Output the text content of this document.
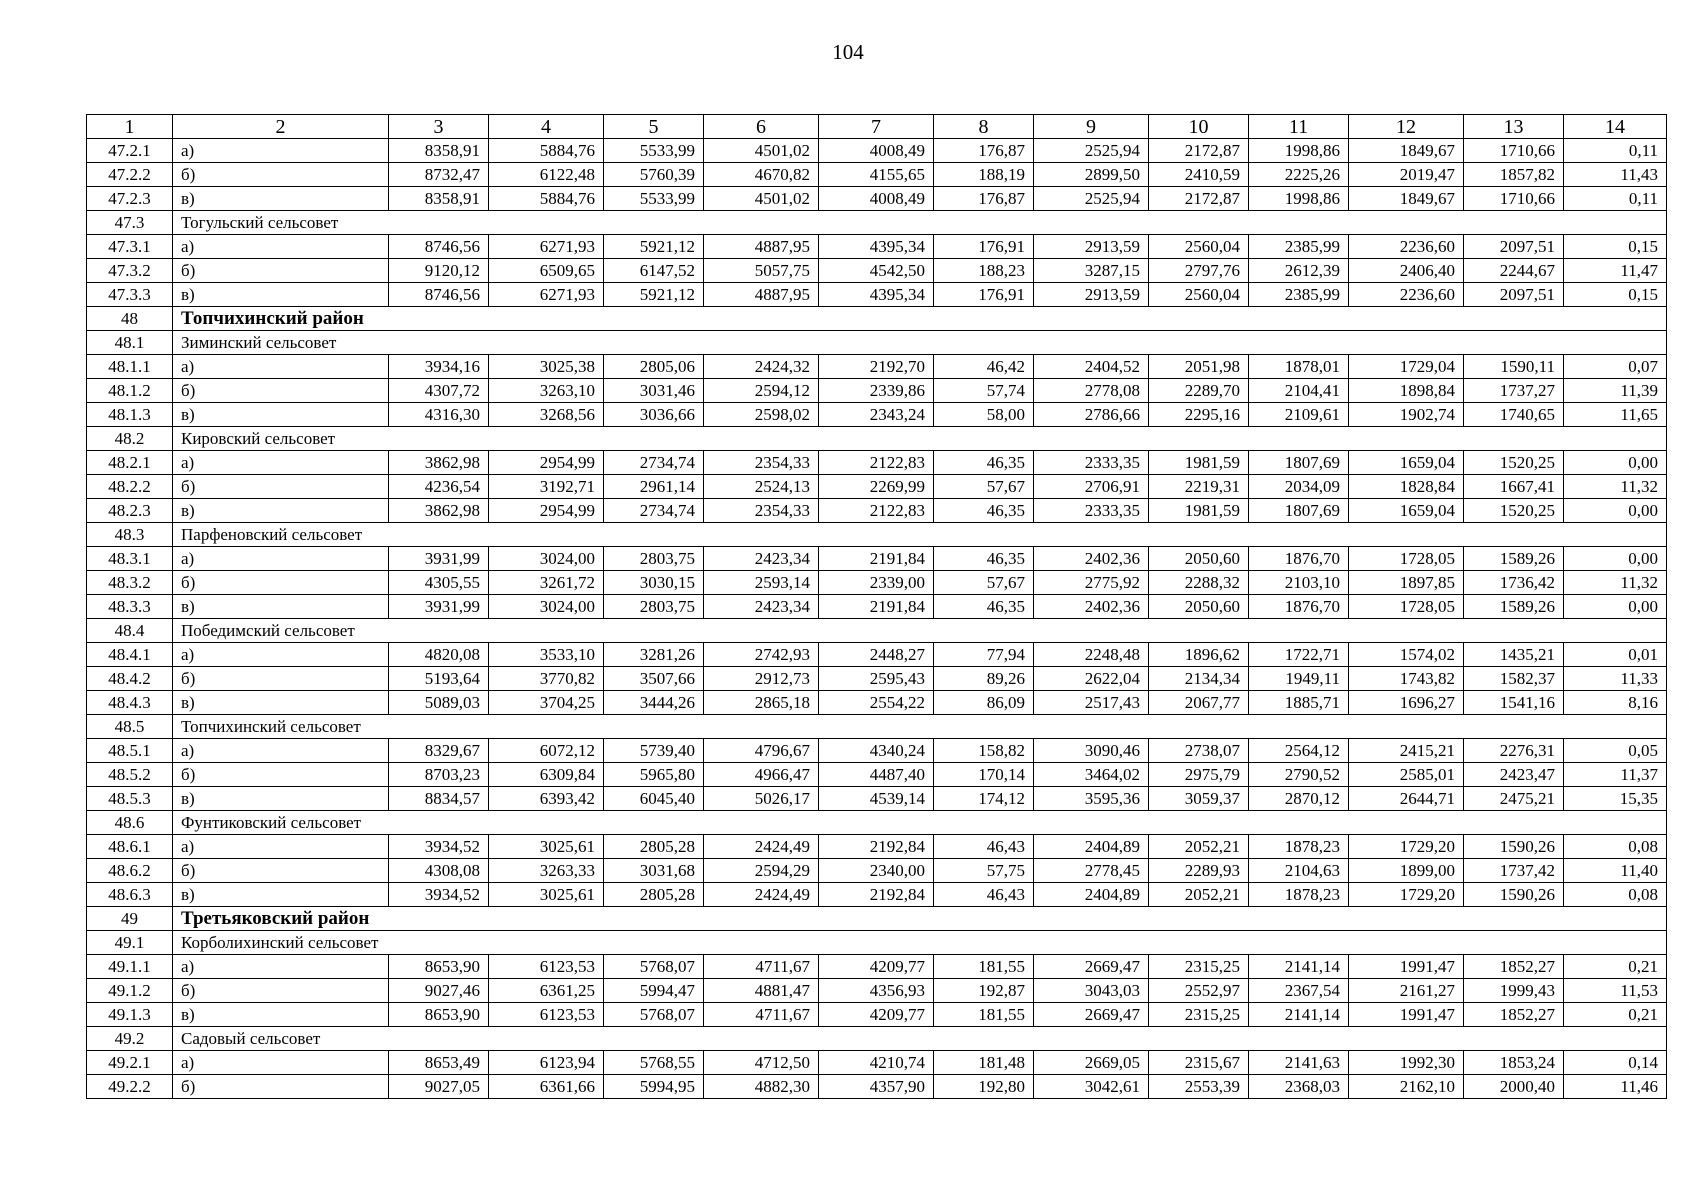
104
1	2	3	4	5	6	7	8	9	10	11	12	13	14
47.2.1	а)	8358,91	5884,76	5533,99	4501,02	4008,49	176,87	2525,94	2172,87	1998,86	1849,67	1710,66	0,11
47.2.2	б)	8732,47	6122,48	5760,39	4670,82	4155,65	188,19	2899,50	2410,59	2225,26	2019,47	1857,82	11,43
47.2.3	в)	8358,91	5884,76	5533,99	4501,02	4008,49	176,87	2525,94	2172,87	1998,86	1849,67	1710,66	0,11
47.3	Тогульский сельсовет												
47.3.1	а)	8746,56	6271,93	5921,12	4887,95	4395,34	176,91	2913,59	2560,04	2385,99	2236,60	2097,51	0,15
47.3.2	б)	9120,12	6509,65	6147,52	5057,75	4542,50	188,23	3287,15	2797,76	2612,39	2406,40	2244,67	11,47
47.3.3	в)	8746,56	6271,93	5921,12	4887,95	4395,34	176,91	2913,59	2560,04	2385,99	2236,60	2097,51	0,15
48	Топчихинский район												
48.1	Зиминский сельсовет												
48.1.1	а)	3934,16	3025,38	2805,06	2424,32	2192,70	46,42	2404,52	2051,98	1878,01	1729,04	1590,11	0,07
48.1.2	б)	4307,72	3263,10	3031,46	2594,12	2339,86	57,74	2778,08	2289,70	2104,41	1898,84	1737,27	11,39
48.1.3	в)	4316,30	3268,56	3036,66	2598,02	2343,24	58,00	2786,66	2295,16	2109,61	1902,74	1740,65	11,65
48.2	Кировский сельсовет												
48.2.1	а)	3862,98	2954,99	2734,74	2354,33	2122,83	46,35	2333,35	1981,59	1807,69	1659,04	1520,25	0,00
48.2.2	б)	4236,54	3192,71	2961,14	2524,13	2269,99	57,67	2706,91	2219,31	2034,09	1828,84	1667,41	11,32
48.2.3	в)	3862,98	2954,99	2734,74	2354,33	2122,83	46,35	2333,35	1981,59	1807,69	1659,04	1520,25	0,00
48.3	Парфеновский сельсовет												
48.3.1	а)	3931,99	3024,00	2803,75	2423,34	2191,84	46,35	2402,36	2050,60	1876,70	1728,05	1589,26	0,00
48.3.2	б)	4305,55	3261,72	3030,15	2593,14	2339,00	57,67	2775,92	2288,32	2103,10	1897,85	1736,42	11,32
48.3.3	в)	3931,99	3024,00	2803,75	2423,34	2191,84	46,35	2402,36	2050,60	1876,70	1728,05	1589,26	0,00
48.4	Победимский сельсовет												
48.4.1	а)	4820,08	3533,10	3281,26	2742,93	2448,27	77,94	2248,48	1896,62	1722,71	1574,02	1435,21	0,01
48.4.2	б)	5193,64	3770,82	3507,66	2912,73	2595,43	89,26	2622,04	2134,34	1949,11	1743,82	1582,37	11,33
48.4.3	в)	5089,03	3704,25	3444,26	2865,18	2554,22	86,09	2517,43	2067,77	1885,71	1696,27	1541,16	8,16
48.5	Топчихинский сельсовет												
48.5.1	а)	8329,67	6072,12	5739,40	4796,67	4340,24	158,82	3090,46	2738,07	2564,12	2415,21	2276,31	0,05
48.5.2	б)	8703,23	6309,84	5965,80	4966,47	4487,40	170,14	3464,02	2975,79	2790,52	2585,01	2423,47	11,37
48.5.3	в)	8834,57	6393,42	6045,40	5026,17	4539,14	174,12	3595,36	3059,37	2870,12	2644,71	2475,21	15,35
48.6	Фунтиковский сельсовет												
48.6.1	а)	3934,52	3025,61	2805,28	2424,49	2192,84	46,43	2404,89	2052,21	1878,23	1729,20	1590,26	0,08
48.6.2	б)	4308,08	3263,33	3031,68	2594,29	2340,00	57,75	2778,45	2289,93	2104,63	1899,00	1737,42	11,40
48.6.3	в)	3934,52	3025,61	2805,28	2424,49	2192,84	46,43	2404,89	2052,21	1878,23	1729,20	1590,26	0,08
49	Третьяковский район												
49.1	Корболихинский сельсовет												
49.1.1	а)	8653,90	6123,53	5768,07	4711,67	4209,77	181,55	2669,47	2315,25	2141,14	1991,47	1852,27	0,21
49.1.2	б)	9027,46	6361,25	5994,47	4881,47	4356,93	192,87	3043,03	2552,97	2367,54	2161,27	1999,43	11,53
49.1.3	в)	8653,90	6123,53	5768,07	4711,67	4209,77	181,55	2669,47	2315,25	2141,14	1991,47	1852,27	0,21
49.2	Садовый сельсовет												
49.2.1	а)	8653,49	6123,94	5768,55	4712,50	4210,74	181,48	2669,05	2315,67	2141,63	1992,30	1853,24	0,14
49.2.2	б)	9027,05	6361,66	5994,95	4882,30	4357,90	192,80	3042,61	2553,39	2368,03	2162,10	2000,40	11,46
